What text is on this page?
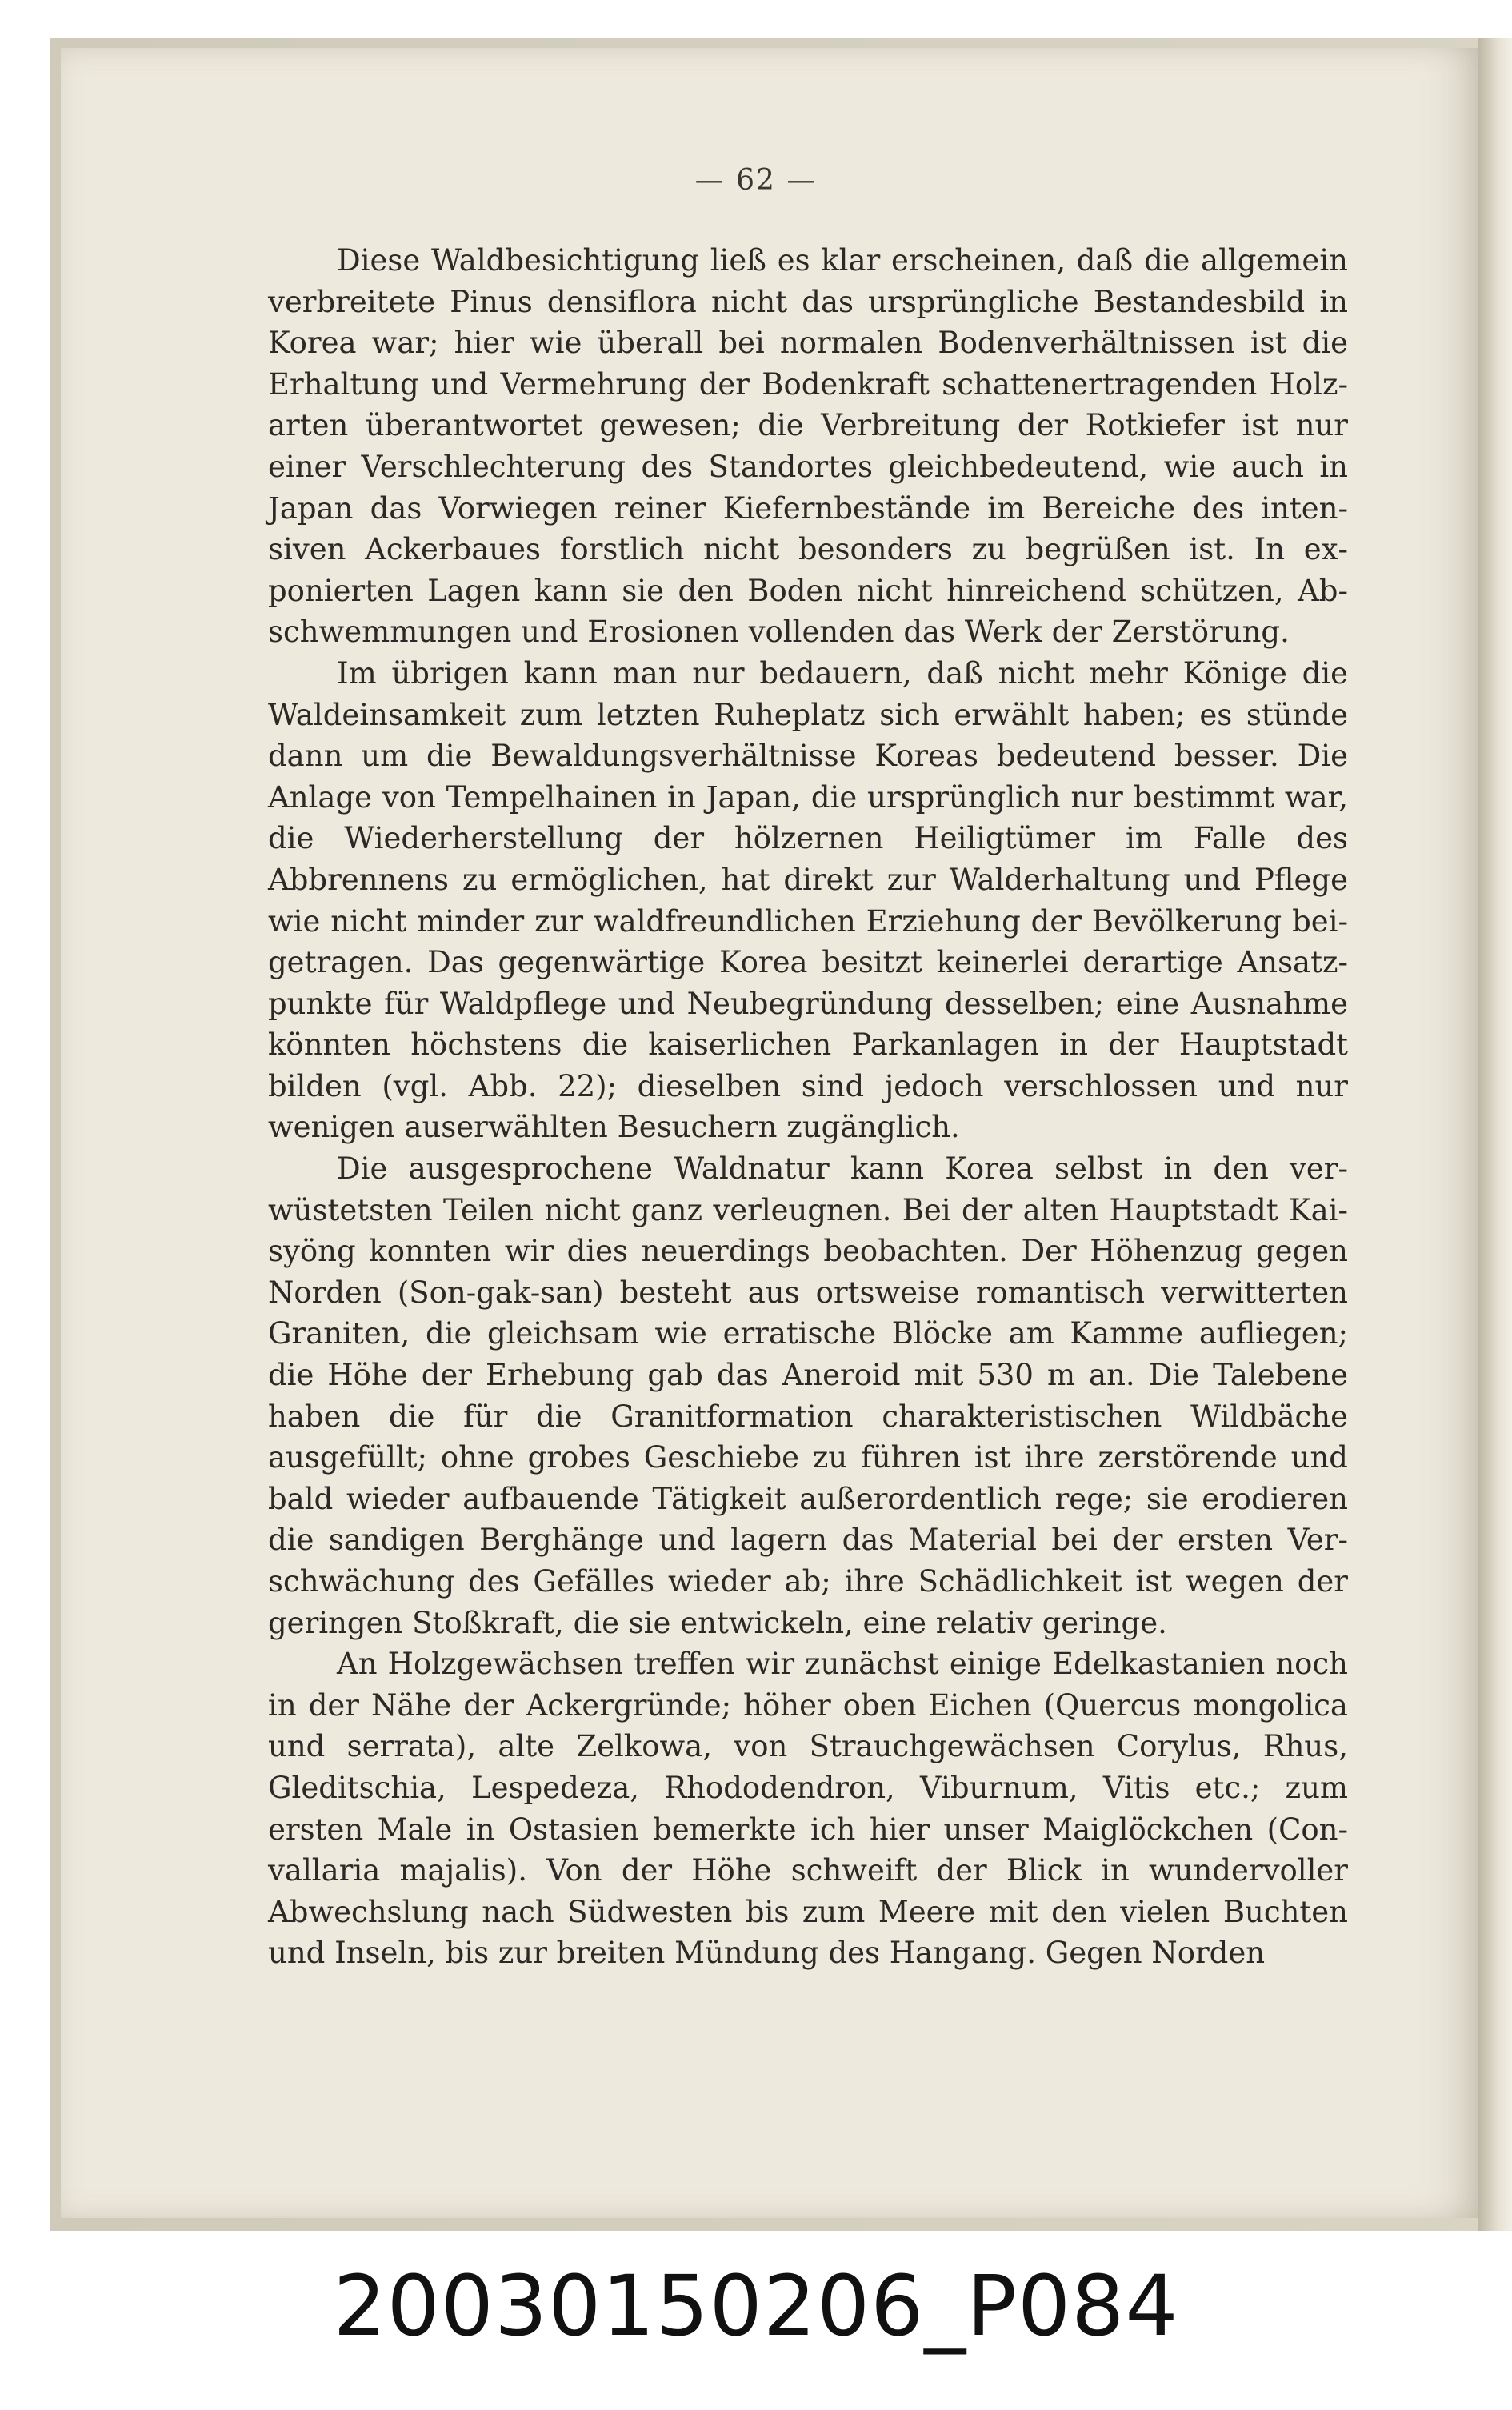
— 62 —

Diese Waldbesichtigung ließ es klar erscheinen, daß die allgemein verbreitete Pinus densiflora nicht das ursprüngliche Bestandesbild in Korea war; hier wie überall bei normalen Bodenverhältnissen ist die Erhaltung und Vermehrung der Bodenkraft schattenertragenden Holzarten überantwortet gewesen; die Verbreitung der Rotkiefer ist nur einer Verschlechterung des Standortes gleichbedeutend, wie auch in Japan das Vorwiegen reiner Kiefernbestände im Bereiche des intensiven Ackerbaues forstlich nicht besonders zu begrüßen ist. In exponierten Lagen kann sie den Boden nicht hinreichend schützen, Abschwemmungen und Erosionen vollenden das Werk der Zerstörung.

Im übrigen kann man nur bedauern, daß nicht mehr Könige die Waldeinsamkeit zum letzten Ruheplatz sich erwählt haben; es stünde dann um die Bewaldungsverhältnisse Koreas bedeutend besser. Die Anlage von Tempelhainen in Japan, die ursprünglich nur bestimmt war, die Wiederherstellung der hölzernen Heiligtümer im Falle des Abbrennens zu ermöglichen, hat direkt zur Walderhaltung und Pflege wie nicht minder zur waldfreundlichen Erziehung der Bevölkerung beigetragen. Das gegenwärtige Korea besitzt keinerlei derartige Ansatzpunkte für Waldpflege und Neubegründung desselben; eine Ausnahme könnten höchstens die kaiserlichen Parkanlagen in der Hauptstadt bilden (vgl. Abb. 22); dieselben sind jedoch verschlossen und nur wenigen auserwählten Besuchern zugänglich.

Die ausgesprochene Waldnatur kann Korea selbst in den verwüstetsten Teilen nicht ganz verleugnen. Bei der alten Hauptstadt Kai-syöng konnten wir dies neuerdings beobachten. Der Höhenzug gegen Norden (Son-gak-san) besteht aus ortsweise romantisch verwitterten Graniten, die gleichsam wie erratische Blöcke am Kamme aufliegen; die Höhe der Erhebung gab das Aneroid mit 530 m an. Die Talebene haben die für die Granitformation charakteristischen Wildbäche ausgefüllt; ohne grobes Geschiebe zu führen ist ihre zerstörende und bald wieder aufbauende Tätigkeit außerordentlich rege; sie erodieren die sandigen Berghänge und lagern das Material bei der ersten Verschwächung des Gefälles wieder ab; ihre Schädlichkeit ist wegen der geringen Stoßkraft, die sie entwickeln, eine relativ geringe.

An Holzgewächsen treffen wir zunächst einige Edelkastanien noch in der Nähe der Ackergründe; höher oben Eichen (Quercus mongolica und serrata), alte Zelkowa, von Strauchgewächsen Corylus, Rhus, Gleditschia, Lespedeza, Rhododendron, Viburnum, Vitis etc.; zum ersten Male in Ostasien bemerkte ich hier unser Maiglöckchen (Convallaria majalis). Von der Höhe schweift der Blick in wundervoller Abwechslung nach Südwesten bis zum Meere mit den vielen Buchten und Inseln, bis zur breiten Mündung des Hangang. Gegen Norden

20030150206_P084
